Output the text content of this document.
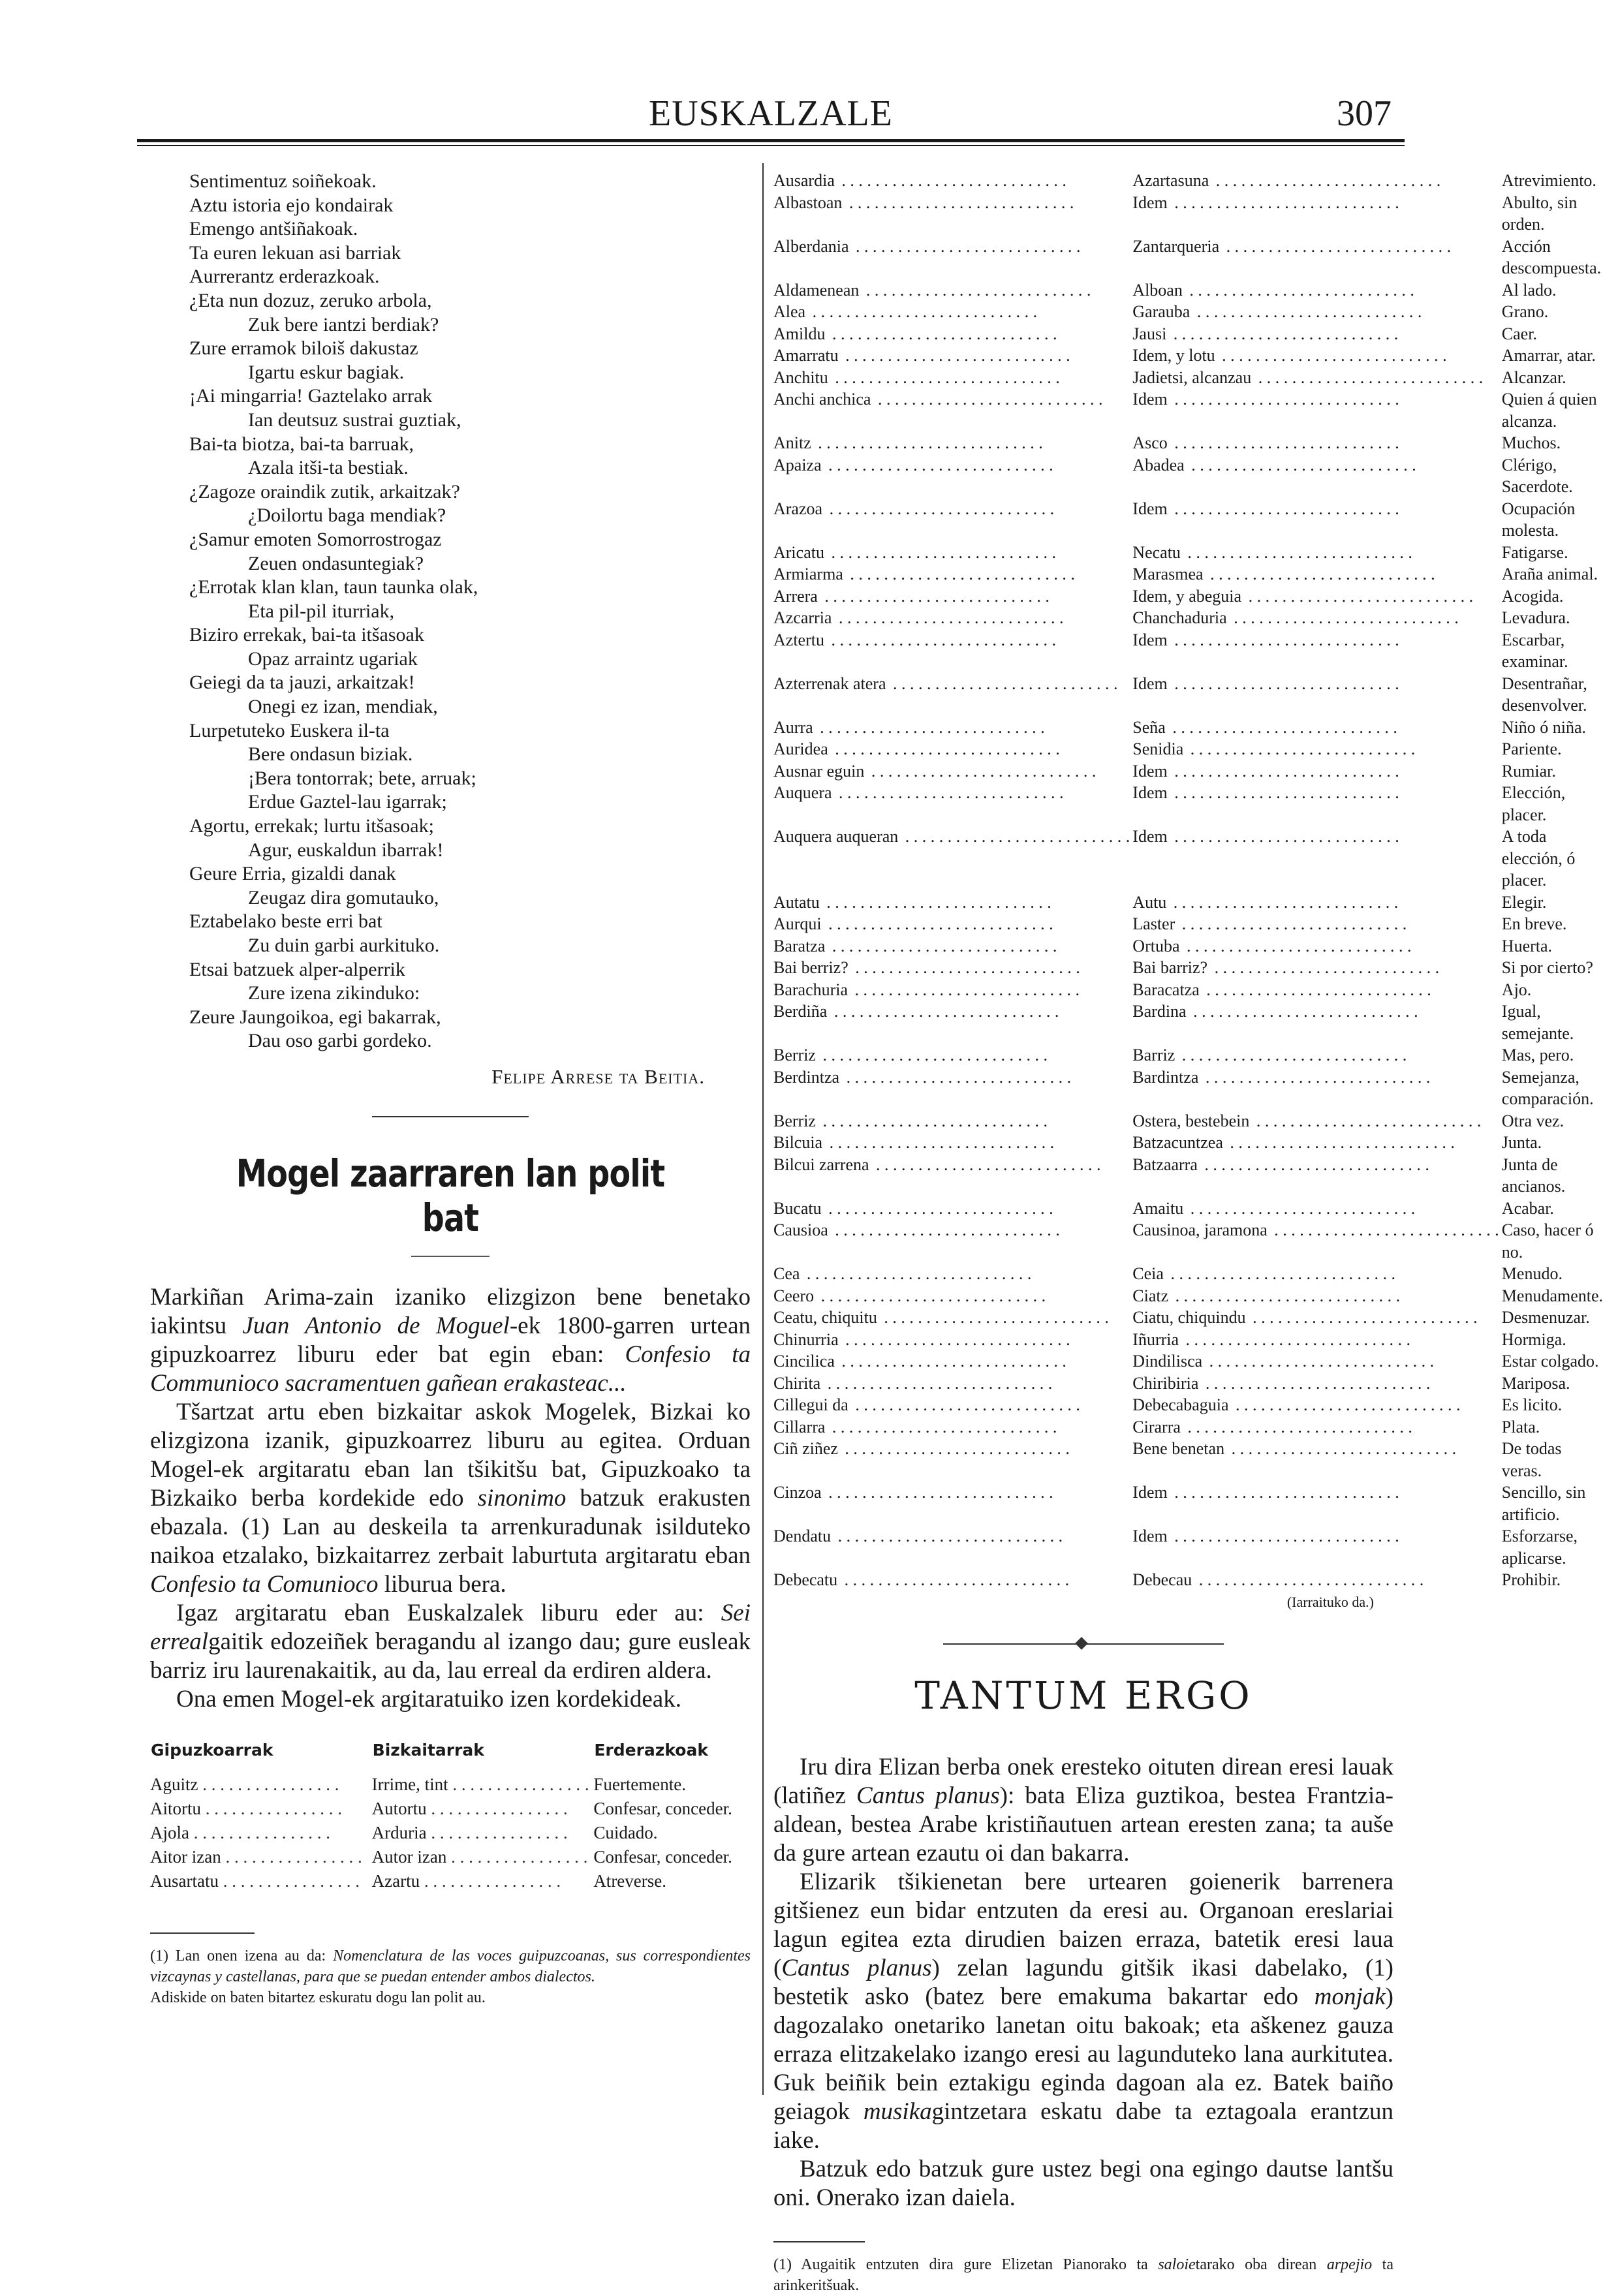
EUSKALZALE	307
Sentimentuz soiñekoak.
Aztu istoria ejo kondairak
Emengo antšiñakoak.
Ta euren lekuan asi barriak
Aurrerantz erderazkoak.
¿Eta nun dozuz, zeruko arbola,
Zuk bere iantzi berdiak?
Zure erramok biloiš dakustaz
Igartu eskur bagiak.
¡Ai mingarria! Gaztelako arrak
Ian deutsuz sustrai guztiak,
Bai-ta biotza, bai-ta barruak,
Azala itši-ta bestiak.
¿Zagoze oraindik zutik, arkaitzak?
¿Doilortu baga mendiak?
¿Samur emoten Somorrostrogaz
Zeuen ondasuntegiak?
¿Errotak klan klan, taun taunka olak,
Eta pil-pil iturriak,
Biziro errekak, bai-ta itšasoak
Opaz arraintz ugariak
Geiegi da ta jauzi, arkaitzak!
Onegi ez izan, mendiak,
Lurpetuteko Euskera il-ta
Bere ondasun biziak.
¡Bera tontorrak; bete, arruak;
Erdue Gaztel-lau igarrak;
Agortu, errekak; lurtu itšasoak;
Agur, euskaldun ibarrak!
Geure Erria, gizaldi danak
Zeugaz dira gomutauko,
Eztabelako beste erri bat
Zu duin garbi aurkituko.
Etsai batzuek alper-alperrik
Zure izena zikinduko:
Zeure Jaungoikoa, egi bakarrak,
Dau oso garbi gordeko.
Felipe Arrese ta Beitia.
Mogel zaarraren lan polit bat

Markiñan Arima-zain izaniko elizgizon bene benetako iakintsu Juan Antonio de Moguel-ek 1800-garren urtean gipuzkoarrez liburu eder bat egin eban: Confesio ta Communioco sacramentuen gañean erakasteac...

Tšartzat artu eben bizkaitar askok Mogelek, Bizkai ko elizgizona izanik, gipuzkoarrez liburu au egitea. Orduan Mogel-ek argitaratu eban lan tšikitšu bat, Gipuzkoako ta Bizkaiko berba kordekide edo sinonimo batzuk erakusten ebazala. (1) Lan au deskeila ta arrenkuradunak isilduteko naikoa etzalako, bizkaitarrez zerbait laburtuta argitaratu eban Confesio ta Comunioco liburua bera.

Igaz argitaratu eban Euskalzalek liburu eder au: Sei errealgaitik edozeiñek beragandu al izango dau; gure eusleak barriz iru laurenakaitik, au da, lau erreal da erdiren aldera.

Ona emen Mogel-ek argitaratuiko izen kordekideak.

Gipuzkoarrak	Bizkaitarrak	Erderazkoak
Aguitz . . .	Irrime, tint . . .	Fuertemente.
Aitortu . . .	Autortu . . .	Confesar, conceder.
Ajola . . .	Arduria . . .	Cuidado.
Aitor izan . . .	Autor izan . . .	Confesar, conceder.
Ausartatu . . .	Azartu . . .	Atreverse.
(1) Lan onen izena au da: Nomenclatura de las voces guipuzcoanas, sus correspondientes vizcaynas y castellanas, para que se puedan entender ambos dialectos.
Adiskide on baten bitartez eskuratu dogu lan polit au.
Ausardia . . .	Azartasuna . . .	Atrevimiento.

Albastoan . . .	Idem . . .	Abulto, sin orden.

Alberdania . . .	Zantarqueria . . .	Acción descompuesta.

Aldamenean . . .	Alboan . . .	Al lado.

Alea . . .	Garauba . . .	Grano.

Amildu . . .	Jausi . . .	Caer.

Amarratu . . .	Idem, y lotu . . .	Amarrar, atar.

Anchitu . . .	Jadietsi, alcanzau . . .	Alcanzar.

Anchi anchica . . .	Idem . . .	Quien á quien alcanza.

Anitz . . .	Asco . . .	Muchos.

Apaiza . . .	Abadea . . .	Clérigo, Sacerdote.

Arazoa . . .	Idem . . .	Ocupación molesta.

Aricatu . . .	Necatu . . .	Fatigarse.

Armiarma . . .	Marasmea . . .	Araña animal.

Arrera . . .	Idem, y abeguia . . .	Acogida.

Azcarria . . .	Chanchaduria . . .	Levadura.

Aztertu . . .	Idem . . .	Escarbar, examinar.

Azterrenak atera . . .	Idem . . .	Desentrañar, desenvolver.

Aurra . . .	Seña . . .	Niño ó niña.

Auridea . . .	Senidia . . .	Pariente.

Ausnar eguin . . .	Idem . . .	Rumiar.

Auquera . . .	Idem . . .	Elección, placer.

Auquera auqueran . . .	Idem . . .	A toda elección, ó placer.

Autatu . . .	Autu . . .	Elegir.

Aurqui . . .	Laster . . .	En breve.

Baratza . . .	Ortuba . . .	Huerta.

Bai berriz? . . .	Bai barriz? . . .	Si por cierto?

Barachuria . . .	Baracatza . . .	Ajo.

Berdiña . . .	Bardina . . .	Igual, semejante.

Berriz . . .	Barriz . . .	Mas, pero.

Berdintza . . .	Bardintza . . .	Semejanza, comparación.

Berriz . . .	Ostera, bestebein . . .	Otra vez.

Bilcuia . . .	Batzacuntzea . . .	Junta.

Bilcui zarrena . . .	Batzaarra . . .	Junta de ancianos.

Bucatu . . .	Amaitu . . .	Acabar.

Causioa . . .	Causinoa, jaramona . . .	Caso, hacer ó no.

Cea . . .	Ceia . . .	Menudo.

Ceero . . .	Ciatz . . .	Menudamente.

Ceatu, chiquitu . . .	Ciatu, chiquindu . . .	Desmenuzar.

Chinurria . . .	Iñurria . . .	Hormiga.

Cincilica . . .	Dindilisca . . .	Estar colgado.

Chirita . . .	Chiribiria . . .	Mariposa.

Cillegui da . . .	Debecabaguia . . .	Es licito.

Cillarra . . .	Cirarra . . .	Plata.

Ciñ ziñez . . .	Bene benetan . . .	De todas veras.

Cinzoa . . .	Idem . . .	Sencillo, sin artificio.

Dendatu . . .	Idem . . .	Esforzarse, aplicarse.

Debecatu . . .	Debecau . . .	Prohibir.
(Iarraituko da.)
TANTUM ERGO

Iru dira Elizan berba onek eresteko oituten direan eresi lauak (latiñez Cantus planus): bata Eliza guztikoa, bestea Frantzia-aldean, bestea Arabe kristiñautuen artean eresten zana; ta auše da gure artean ezautu oi dan bakarra.

Elizarik tšikienetan bere urtearen goienerik barrenera gitšienez eun bidar entzuten da eresi au. Organoan ereslariai lagun egitea ezta dirudien baizen erraza, batetik eresi laua (Cantus planus) zelan lagundu gitšik ikasi dabelako, (1) bestetik asko (batez bere emakuma bakartar edo monjak) dagozalako onetariko lanetan oitu bakoak; eta aškenez gauza erraza elitzakelako izango eresi au lagunduteko lana aurkitutea. Guk beiñik bein eztakigu eginda dagoan ala ez. Batek baiño geiagok musikagintzetara eskatu dabe ta eztagoala erantzun iake.

Batzuk edo batzuk gure ustez begi ona egingo dautse lantšu oni. Onerako izan daiela.

(1) Augaitik entzuten dira gure Elizetan Pianorako ta saloietarako oba direan arpejio ta arinkeritšuak.
